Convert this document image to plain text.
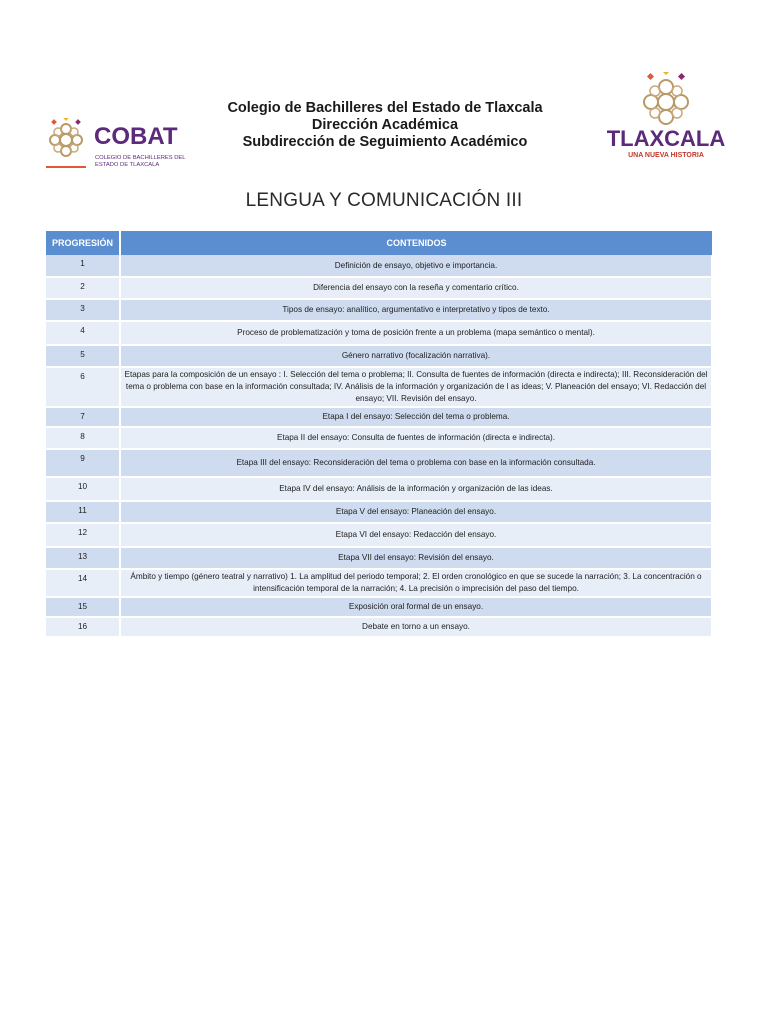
COBAT
COLEGIO DE BACHILLERES DEL
ESTADO DE TLAXCALA
Colegio de Bachilleres del Estado de Tlaxcala
Dirección Académica
Subdirección de Seguimiento Académico	TLAXCALA
UNA NUEVA HISTORIA
LENGUA Y COMUNICACIÓN III
PROGRESIÓN	CONTENIDOS
1	Definición de ensayo, objetivo e importancia.
2	Diferencia del ensayo con la reseña y comentario crítico.
3	Tipos de ensayo: analítico, argumentativo e interpretativo y tipos de texto.
4	Proceso de problematización y toma de posición frente a un problema (mapa semántico o mental).
5	Género narrativo (focalización narrativa).
6	Etapas para la composición de un ensayo : I. Selección del tema o problema; II. Consulta de fuentes de información (directa e indirecta); III. Reconsideración del tema o problema con base en la información consultada; IV. Análisis de la información y organización de l as ideas; V. Planeación del ensayo; VI. Redacción del ensayo; VII. Revisión del ensayo.
7	Etapa I del ensayo: Selección del tema o problema.
8	Etapa II del ensayo: Consulta de fuentes de información (directa e indirecta).
9	Etapa III del ensayo: Reconsideración del tema o problema con base en la información consultada.
10	Etapa IV del ensayo: Análisis de la información y organización de las ideas.
11	Etapa V del ensayo: Planeación del ensayo.
12	Etapa VI del ensayo: Redacción del ensayo.
13	Etapa VII del ensayo: Revisión del ensayo.
14	Ámbito y tiempo (género teatral y narrativo) 1. La amplitud del periodo temporal; 2. El orden cronológico en que se sucede la narración; 3. La concentración o intensificación temporal de la narración; 4. La precisión o imprecisión del paso del tiempo.
15	Exposición oral formal de un ensayo.
16	Debate en torno a un ensayo.
